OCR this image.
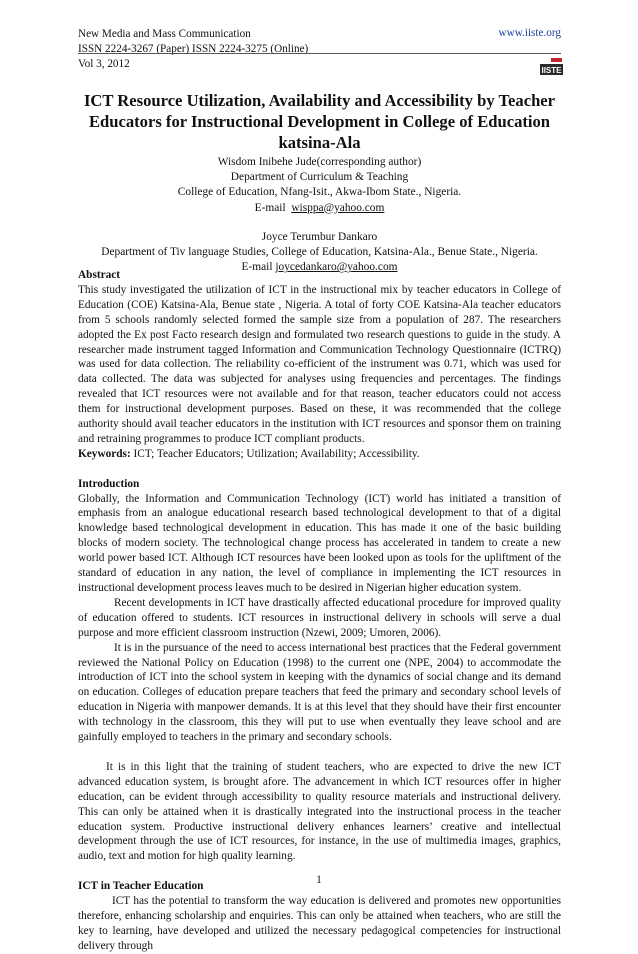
New Media and Mass Communication
ISSN 2224-3267 (Paper) ISSN 2224-3275 (Online)
Vol 3, 2012
www.iiste.org
IISTE
ICT Resource Utilization, Availability and Accessibility by Teacher Educators for Instructional Development in College of Education katsina-Ala
Wisdom Inibehe Jude(corresponding author)
Department of Curriculum & Teaching
College of Education, Nfang-Isit., Akwa-Ibom State., Nigeria.
E-mail wisppa@yahoo.com
Joyce Terumbur Dankaro
Department of Tiv language Studies, College of Education, Katsina-Ala., Benue State., Nigeria.
E-mail joycedankaro@yahoo.com
Abstract

This study investigated the utilization of ICT in the instructional mix by teacher educators in College of Education (COE) Katsina-Ala, Benue state , Nigeria. A total of forty COE Katsina-Ala teacher educators from 5 schools randomly selected formed the sample size from a population of 287. The researchers adopted the Ex post Facto research design and formulated two research questions to guide in the study. A researcher made instrument tagged Information and Communication Technology Questionnaire (ICTRQ) was used for data collection. The reliability co-efficient of the instrument was 0.71, which was used for data collected. The data was subjected for analyses using frequencies and percentages. The findings revealed that ICT resources were not available and for that reason, teacher educators could not access them for instructional development purposes. Based on these, it was recommended that the college authority should avail teacher educators in the institution with ICT resources and sponsor them on training and retraining programmes to produce ICT compliant products.

Keywords: ICT; Teacher Educators; Utilization; Availability; Accessibility.

Introduction

Globally, the Information and Communication Technology (ICT) world has initiated a transition of emphasis from an analogue educational research based technological development to that of a digital knowledge based technological development in education. This has made it one of the basic building blocks of modern society. The technological change process has accelerated in tandem to create a new world power based ICT. Although ICT resources have been looked upon as tools for the upliftment of the standard of education in any nation, the level of compliance in implementing the ICT resources in instructional development process leaves much to be desired in Nigerian higher education system.

Recent developments in ICT have drastically affected educational procedure for improved quality of education offered to students. ICT resources in instructional delivery in schools will serve a dual purpose and more efficient classroom instruction (Nzewi, 2009; Umoren, 2006).

It is in the pursuance of the need to access international best practices that the Federal government reviewed the National Policy on Education (1998) to the current one (NPE, 2004) to accommodate the introduction of ICT into the school system in keeping with the dynamics of social change and its demand on education. Colleges of education prepare teachers that feed the primary and secondary school levels of education in Nigeria with manpower demands. It is at this level that they should have their first encounter with technology in the classroom, this they will put to use when eventually they leave school and are gainfully employed to teachers in the primary and secondary schools.

It is in this light that the training of student teachers, who are expected to drive the new ICT advanced education system, is brought afore. The advancement in which ICT resources offer in higher education, can be evident through accessibility to quality resource materials and instructional delivery. This can only be attained when it is drastically integrated into the instructional process in the teacher education system. Productive instructional delivery enhances learners’ creative and intellectual development through the use of ICT resources, for instance, in the use of multimedia images, graphics, audio, text and motion for high quality learning.

ICT in Teacher Education

ICT has the potential to transform the way education is delivered and promotes new opportunities therefore, enhancing scholarship and enquiries. This can only be attained when teachers, who are still the key to learning, have developed and utilized the necessary pedagogical competencies for instructional delivery through

1
